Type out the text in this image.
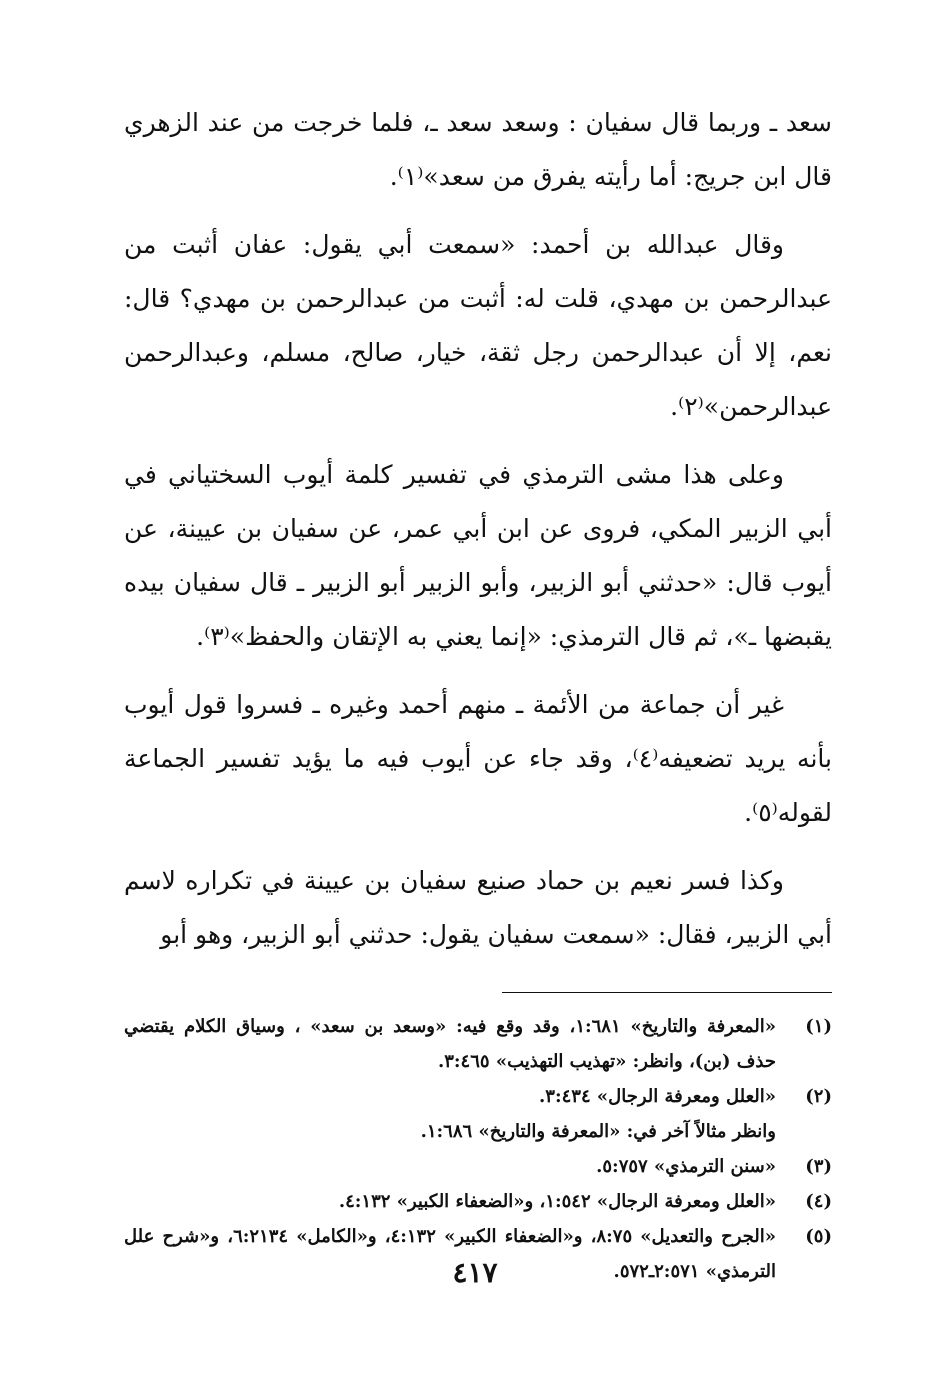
سعد ـ وربما قال سفيان : وسعد سعد ـ، فلما خرجت من عند الزهري قال ابن جريج: أما رأيته يفرق من سعد»⁽١⁾.

وقال عبدالله بن أحمد: «سمعت أبي يقول: عفان أثبت من عبدالرحمن بن مهدي، قلت له: أثبت من عبدالرحمن بن مهدي؟ قال: نعم، إلا أن عبدالرحمن رجل ثقة، خيار، صالح، مسلم، وعبدالرحمن عبدالرحمن»⁽٢⁾.

وعلى هذا مشى الترمذي في تفسير كلمة أيوب السختياني في أبي الزبير المكي، فروى عن ابن أبي عمر، عن سفيان بن عيينة، عن أيوب قال: «حدثني أبو الزبير، وأبو الزبير أبو الزبير ـ قال سفيان بيده يقبضها ـ»، ثم قال الترمذي: «إنما يعني به الإتقان والحفظ»⁽٣⁾.

غير أن جماعة من الأئمة ـ منهم أحمد وغيره ـ فسروا قول أيوب بأنه يريد تضعيفه⁽٤⁾، وقد جاء عن أيوب فيه ما يؤيد تفسير الجماعة لقوله⁽٥⁾.

وكذا فسر نعيم بن حماد صنيع سفيان بن عيينة في تكراره لاسم أبي الزبير، فقال: «سمعت سفيان يقول: حدثني أبو الزبير، وهو أبو

(١)
«المعرفة والتاريخ» ١:٦٨١، وقد وقع فيه: «وسعد بن سعد» ، وسياق الكلام يقتضي حذف (بن)، وانظر: «تهذيب التهذيب» ٣:٤٦٥.
(٢)
«العلل ومعرفة الرجال» ٣:٤٣٤.
وانظر مثالاً آخر في: «المعرفة والتاريخ» ١:٦٨٦.
(٣)
«سنن الترمذي» ٥:٧٥٧.
(٤)
«العلل ومعرفة الرجال» ١:٥٤٢، و«الضعفاء الكبير» ٤:١٣٢.
(٥)
«الجرح والتعديل» ٨:٧٥، و«الضعفاء الكبير» ٤:١٣٢، و«الكامل» ٦:٢١٣٤، و«شرح علل الترمذي» ٢:٥٧١ـ٥٧٢.
٤١٧
